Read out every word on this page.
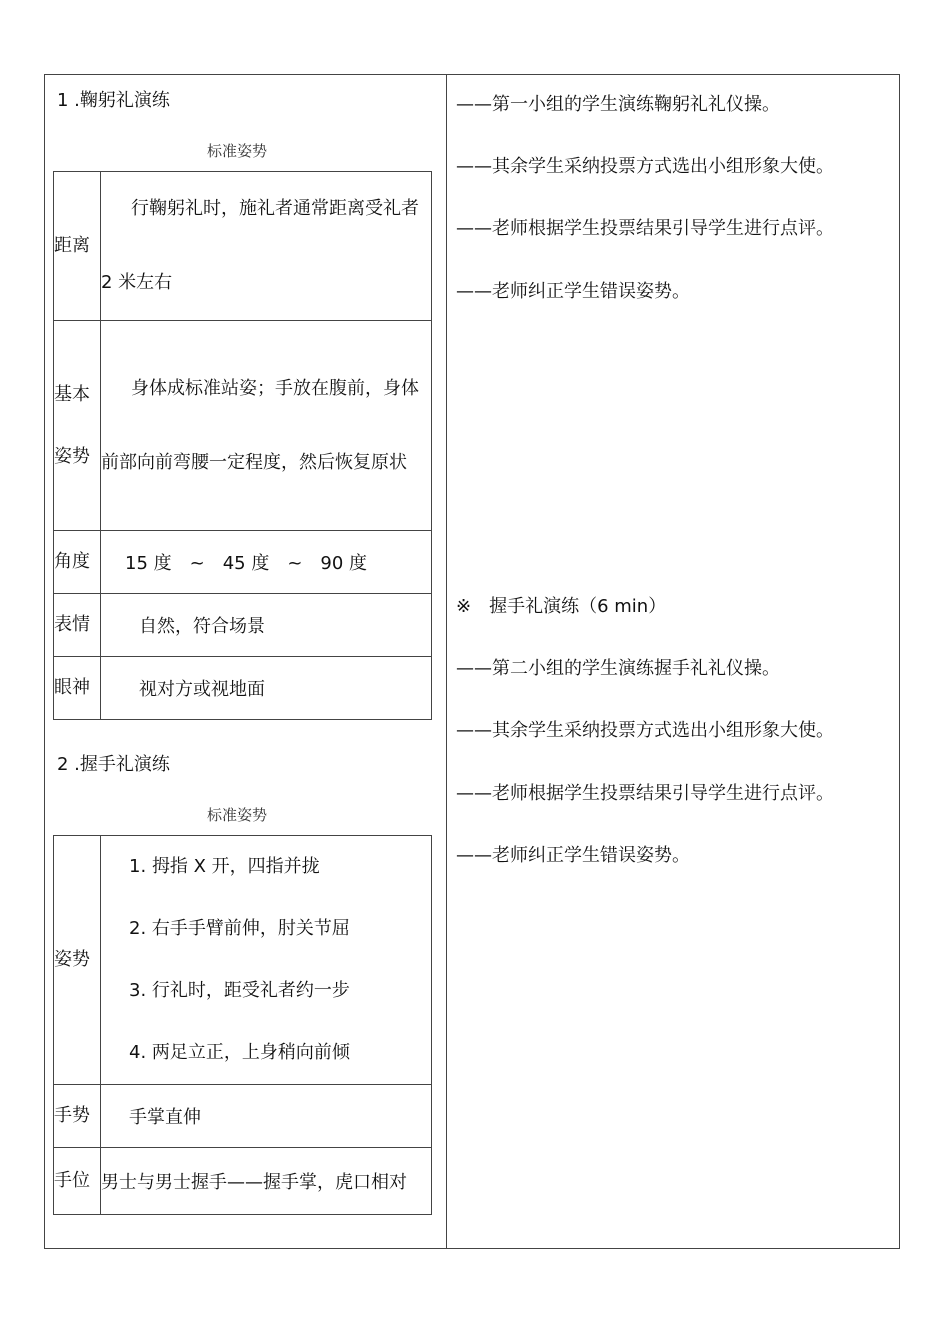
1 .鞠躬礼演练
标准姿势
距离	行鞠躬礼时，施礼者通常距离受礼者 2 米左右
基本姿势	身体成标准站姿；手放在腹前，身体前部向前弯腰一定程度，然后恢复原状
角度	15 度　~　45 度　~　90 度
表情	自然，符合场景
眼神	视对方或视地面
2 .握手礼演练
标准姿势
姿势	1. 拇指 X 开，四指并拢
2. 右手手臂前伸，肘关节屈
3. 行礼时，距受礼者约一步
4. 两足立正，上身稍向前倾

手势	手掌直伸
手位	男士与男士握手——握手掌，虎口相对
——第一小组的学生演练鞠躬礼礼仪操。
——其余学生采纳投票方式选出小组形象大使。
——老师根据学生投票结果引导学生进行点评。
——老师纠正学生错误姿势。
※　握手礼演练（6 min）
——第二小组的学生演练握手礼礼仪操。
——其余学生采纳投票方式选出小组形象大使。
——老师根据学生投票结果引导学生进行点评。
——老师纠正学生错误姿势。
